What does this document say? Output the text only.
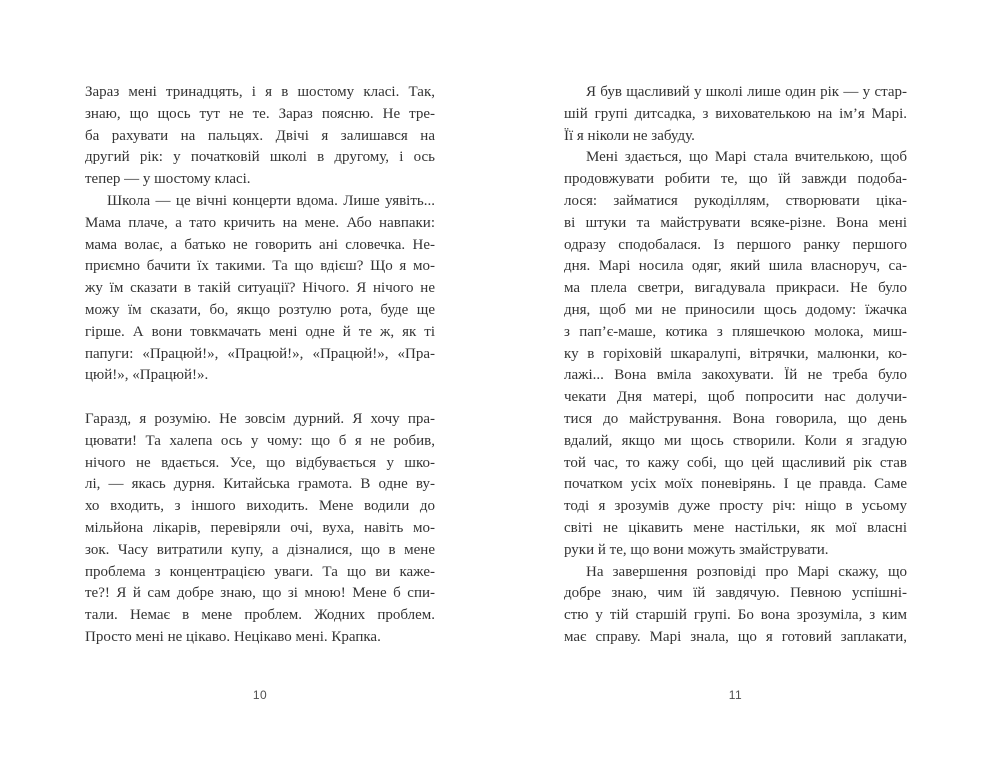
Зараз мені тринадцять, і я в шостому класі. Так,
знаю, що щось тут не те. Зараз поясню. Не тре-
ба рахувати на пальцях. Двічі я залишався на
другий рік: у початковій школі в другому, і ось
тепер — у шостому класі.
Школа — це вічні концерти вдома. Лише уявіть...
Мама плаче, а тато кричить на мене. Або навпаки:
мама волає, а батько не говорить ані словечка. Не-
приємно бачити їх такими. Та що вдієш? Що я мо-
жу їм сказати в такій ситуації? Нічого. Я нічого не
можу їм сказати, бо, якщо розтулю рота, буде ще
гірше. А вони товкмачать мені одне й те ж, як ті
папуги: «Працюй!», «Працюй!», «Працюй!», «Пра-
цюй!», «Працюй!».
Гаразд, я розумію. Не зовсім дурний. Я хочу пра-
цювати! Та халепа ось у чому: що б я не робив,
нічого не вдається. Усе, що відбувається у шко-
лі, — якась дурня. Китайська грамота. В одне ву-
хо входить, з іншого виходить. Мене водили до
мільйона лікарів, перевіряли очі, вуха, навіть мо-
зок. Часу витратили купу, а дізналися, що в мене
проблема з концентрацією уваги. Та що ви каже-
те?! Я й сам добре знаю, що зі мною! Мене б спи-
тали. Немає в мене проблем. Жодних проблем.
Просто мені не цікаво. Нецікаво мені. Крапка.
Я був щасливий у школі лише один рік — у стар-
шій групі дитсадка, з вихователькою на ім’я Марі.
Її я ніколи не забуду.
Мені здається, що Марі стала вчителькою, щоб
продовжувати робити те, що їй завжди подоба-
лося: займатися рукоділлям, створювати ціка-
ві штуки та майструвати всяке-різне. Вона мені
одразу сподобалася. Із першого ранку першого
дня. Марі носила одяг, який шила власноруч, са-
ма плела светри, вигадувала прикраси. Не було
дня, щоб ми не приносили щось додому: їжачка
з пап’є-маше, котика з пляшечкою молока, миш-
ку в горіховій шкаралупі, вітрячки, малюнки, ко-
лажі... Вона вміла закохувати. Їй не треба було
чекати Дня матері, щоб попросити нас долучи-
тися до майстрування. Вона говорила, що день
вдалий, якщо ми щось створили. Коли я згадую
той час, то кажу собі, що цей щасливий рік став
початком усіх моїх поневірянь. І це правда. Саме
тоді я зрозумів дуже просту річ: ніщо в усьому
світі не цікавить мене настільки, як мої власні
руки й те, що вони можуть змайструвати.
На завершення розповіді про Марі скажу, що
добре знаю, чим їй завдячую. Певною успішні-
стю у тій старшій групі. Бо вона зрозуміла, з ким
має справу. Марі знала, що я готовий заплакати,
10	11
